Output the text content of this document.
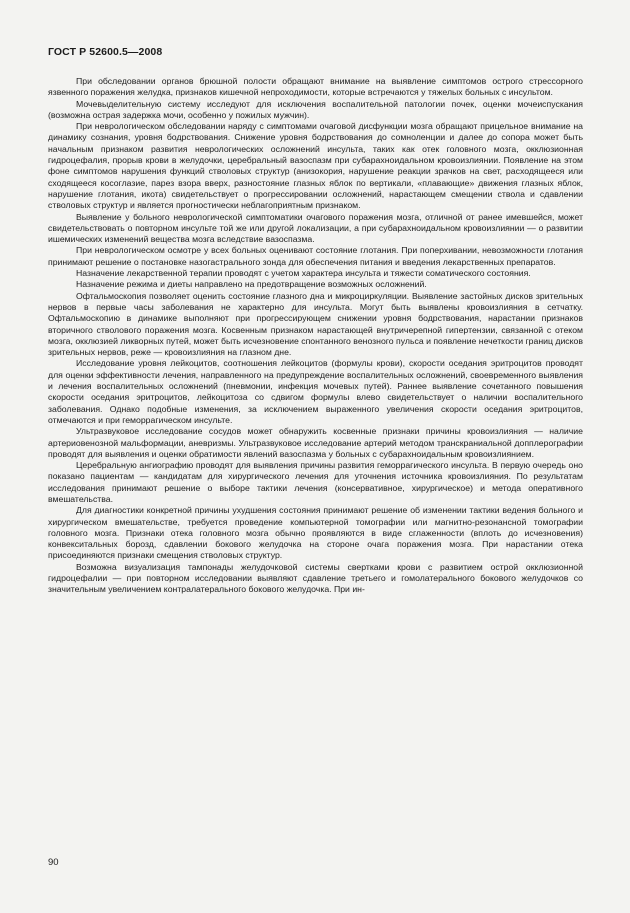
ГОСТ Р 52600.5—2008

При обследовании органов брюшной полости обращают внимание на выявление симптомов острого стрессорного язвенного поражения желудка, признаков кишечной непроходимости, которые встречаются у тяжелых больных с инсультом.

Мочевыделительную систему исследуют для исключения воспалительной патологии почек, оценки мочеиспускания (возможна острая задержка мочи, особенно у пожилых мужчин).

При неврологическом обследовании наряду с симптомами очаговой дисфункции мозга обращают прицельное внимание на динамику сознания, уровня бодрствования. Снижение уровня бодрствования до сомноленции и далее до сопора может быть начальным признаком развития неврологических осложнений инсульта, таких как отек головного мозга, окклюзионная гидроцефалия, прорыв крови в желудочки, церебральный вазоспазм при субарахноидальном кровоизлиянии. Появление на этом фоне симптомов нарушения функций стволовых структур (анизокория, нарушение реакции зрачков на свет, расходящееся или сходящееся косоглазие, парез взора вверх, разностояние глазных яблок по вертикали, «плавающие» движения глазных яблок, нарушение глотания, икота) свидетельствует о прогрессировании осложнений, нарастающем смещении ствола и сдавлении стволовых структур и является прогностически неблагоприятным признаком.

Выявление у больного неврологической симптоматики очагового поражения мозга, отличной от ранее имевшейся, может свидетельствовать о повторном инсульте той же или другой локализации, а при субарахноидальном кровоизлиянии — о развитии ишемических изменений вещества мозга вследствие вазоспазма.

При неврологическом осмотре у всех больных оценивают состояние глотания. При поперхивании, невозможности глотания принимают решение о постановке назогастрального зонда для обеспечения питания и введения лекарственных препаратов.

Назначение лекарственной терапии проводят с учетом характера инсульта и тяжести соматического состояния.

Назначение режима и диеты направлено на предотвращение возможных осложнений.

Офтальмоскопия позволяет оценить состояние глазного дна и микроциркуляции. Выявление застойных дисков зрительных нервов в первые часы заболевания не характерно для инсульта. Могут быть выявлены кровоизлияния в сетчатку. Офтальмоскопию в динамике выполняют при прогрессирующем снижении уровня бодрствования, нарастании признаков вторичного стволового поражения мозга. Косвенным признаком нарастающей внутричерепной гипертензии, связанной с отеком мозга, окклюзией ликворных путей, может быть исчезновение спонтанного венозного пульса и появление нечеткости границ дисков зрительных нервов, реже — кровоизлияния на глазном дне.

Исследование уровня лейкоцитов, соотношения лейкоцитов (формулы крови), скорости оседания эритроцитов проводят для оценки эффективности лечения, направленного на предупреждение воспалительных осложнений, своевременного выявления и лечения воспалительных осложнений (пневмонии, инфекция мочевых путей). Раннее выявление сочетанного повышения скорости оседания эритроцитов, лейкоцитоза со сдвигом формулы влево свидетельствует о наличии воспалительного заболевания. Однако подобные изменения, за исключением выраженного увеличения скорости оседания эритроцитов, отмечаются и при геморрагическом инсульте.

Ультразвуковое исследование сосудов может обнаружить косвенные признаки причины кровоизлияния — наличие артериовенозной мальформации, аневризмы. Ультразвуковое исследование артерий методом транскраниальной допплерографии проводят для выявления и оценки обратимости явлений вазоспазма у больных с субарахноидальным кровоизлиянием.

Церебральную ангиографию проводят для выявления причины развития геморрагического инсульта. В первую очередь оно показано пациентам — кандидатам для хирургического лечения для уточнения источника кровоизлияния. По результатам исследования принимают решение о выборе тактики лечения (консервативное, хирургическое) и метода оперативного вмешательства.

Для диагностики конкретной причины ухудшения состояния принимают решение об изменении тактики ведения больного и хирургическом вмешательстве, требуется проведение компьютерной томографии или магнитно-резонансной томографии головного мозга. Признаки отека головного мозга обычно проявляются в виде сглаженности (вплоть до исчезновения) конвекситальных борозд, сдавлении бокового желудочка на стороне очага поражения мозга. При нарастании отека присоединяются признаки смещения стволовых структур.

Возможна визуализация тампонады желудочковой системы свертками крови с развитием острой окклюзионной гидроцефалии — при повторном исследовании выявляют сдавление третьего и гомолатерального бокового желудочков со значительным увеличением контралатерального бокового желудочка. При ин-

90
